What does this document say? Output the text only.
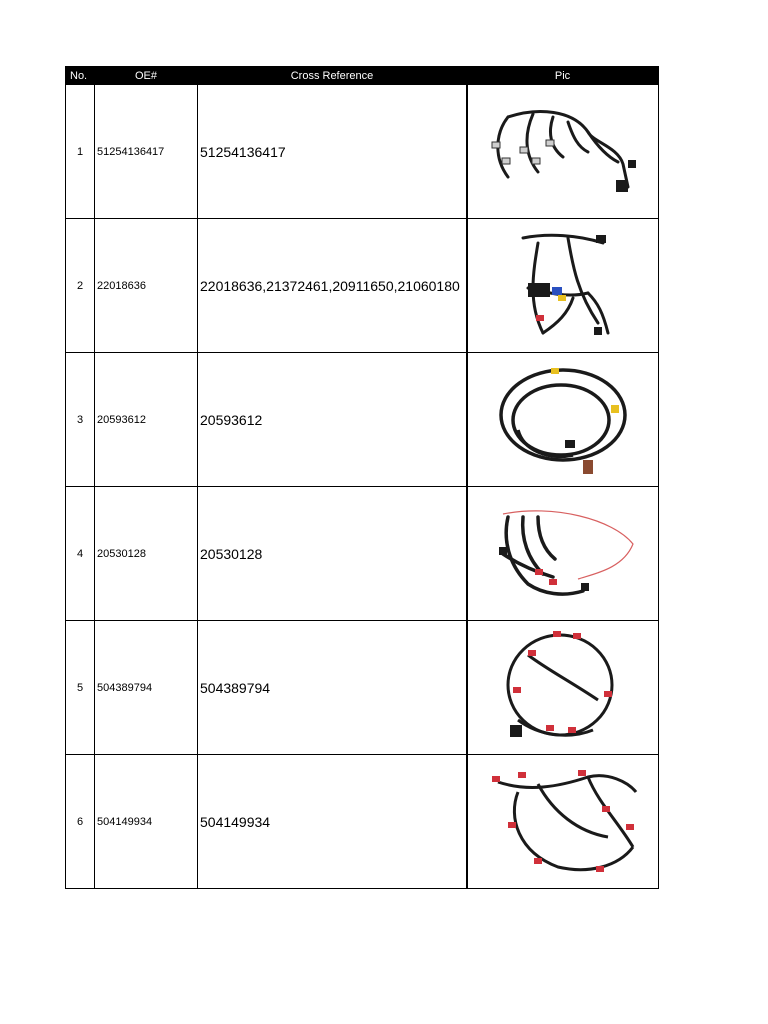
No.	OE#	Cross Reference	Pic
1	51254136417	51254136417	

2	22018636	22018636,21372461,20911650,21060180	

3	20593612	20593612	

4	20530128	20530128	

5	504389794	504389794	

6	504149934	504149934	
